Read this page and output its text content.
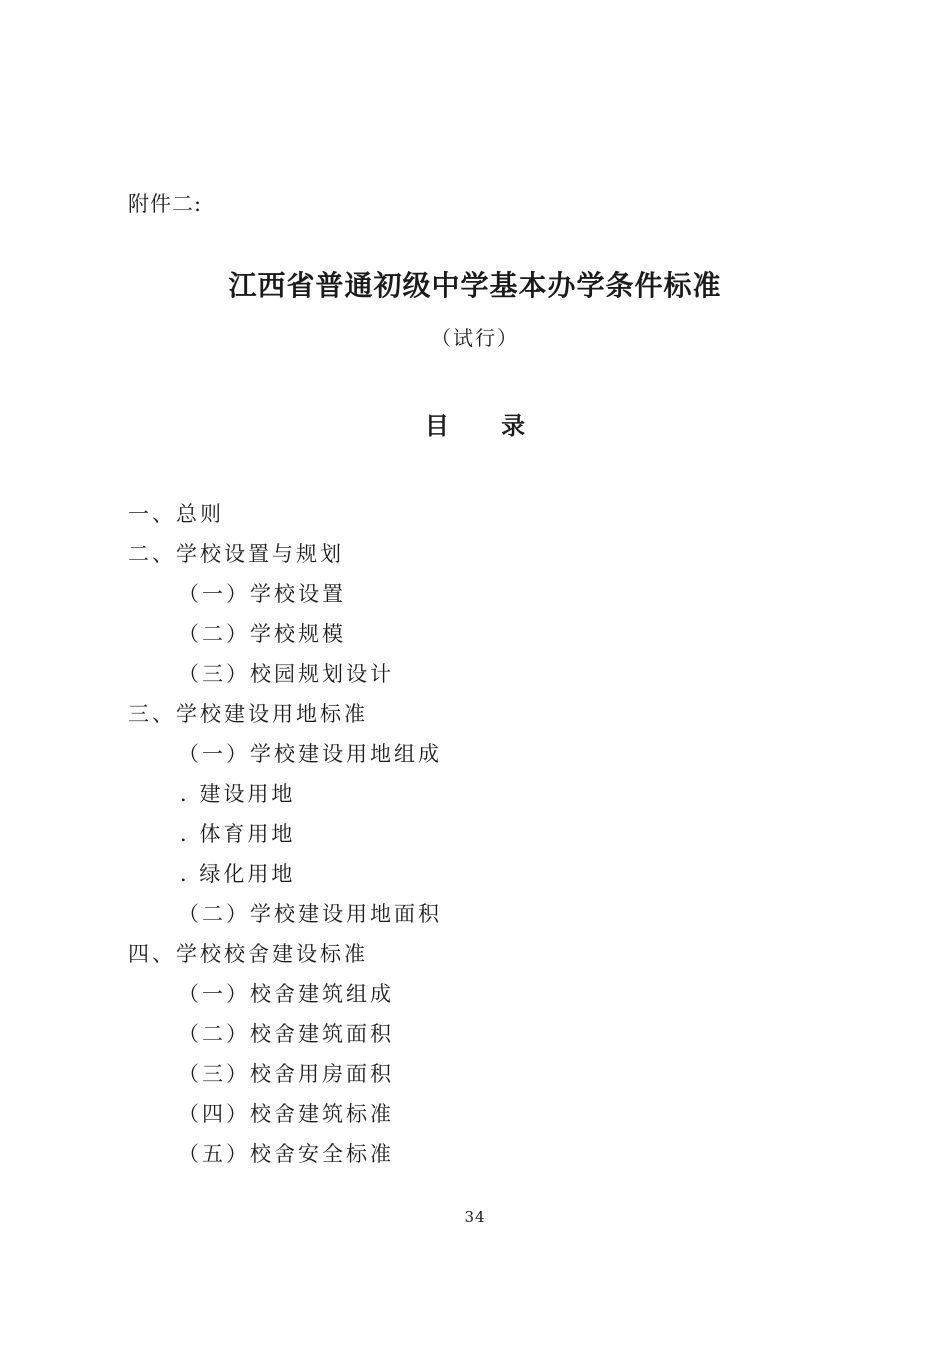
附件二:
江西省普通初级中学基本办学条件标准
（试行）
目 录
一、总则
二、学校设置与规划
（一）学校设置
（二）学校规模
（三）校园规划设计
三、学校建设用地标准
（一）学校建设用地组成
. 建设用地
. 体育用地
. 绿化用地
（二）学校建设用地面积
四、学校校舍建设标准
（一）校舍建筑组成
（二）校舍建筑面积
（三）校舍用房面积
（四）校舍建筑标准
（五）校舍安全标准
34
